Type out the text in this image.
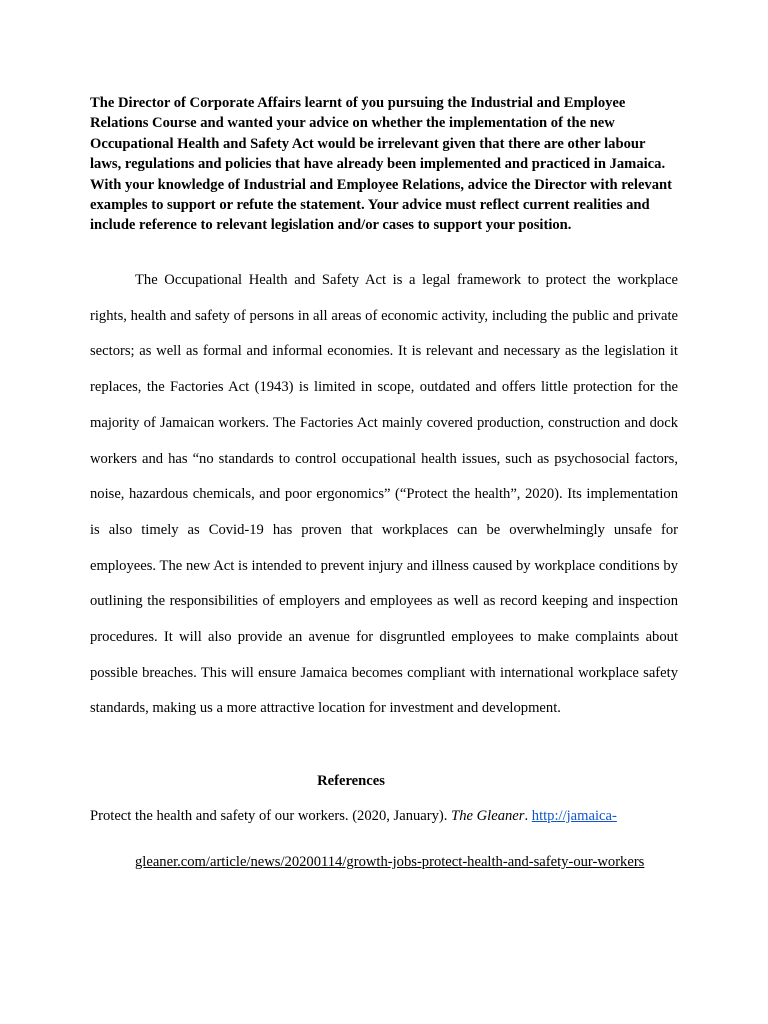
The Director of Corporate Affairs learnt of you pursuing the Industrial and Employee Relations Course and wanted your advice on whether the implementation of the new Occupational Health and Safety Act would be irrelevant given that there are other labour laws, regulations and policies that have already been implemented and practiced in Jamaica. With your knowledge of Industrial and Employee Relations, advice the Director with relevant examples to support or refute the statement. Your advice must reflect current realities and include reference to relevant legislation and/or cases to support your position.

The Occupational Health and Safety Act is a legal framework to protect the workplace rights, health and safety of persons in all areas of economic activity, including the public and private sectors; as well as formal and informal economies. It is relevant and necessary as the legislation it replaces, the Factories Act (1943) is limited in scope, outdated and offers little protection for the majority of Jamaican workers. The Factories Act mainly covered production, construction and dock workers and has “no standards to control occupational health issues, such as psychosocial factors, noise, hazardous chemicals, and poor ergonomics” (“Protect the health”, 2020). Its implementation is also timely as Covid-19 has proven that workplaces can be overwhelmingly unsafe for employees. The new Act is intended to prevent injury and illness caused by workplace conditions by outlining the responsibilities of employers and employees as well as record keeping and inspection procedures. It will also provide an avenue for disgruntled employees to make complaints about possible breaches. This will ensure Jamaica becomes compliant with international workplace safety standards, making us a more attractive location for investment and development.

References

Protect the health and safety of our workers. (2020, January). The Gleaner. http://jamaica-
gleaner.com/article/news/20200114/growth-jobs-protect-health-and-safety-our-workers
